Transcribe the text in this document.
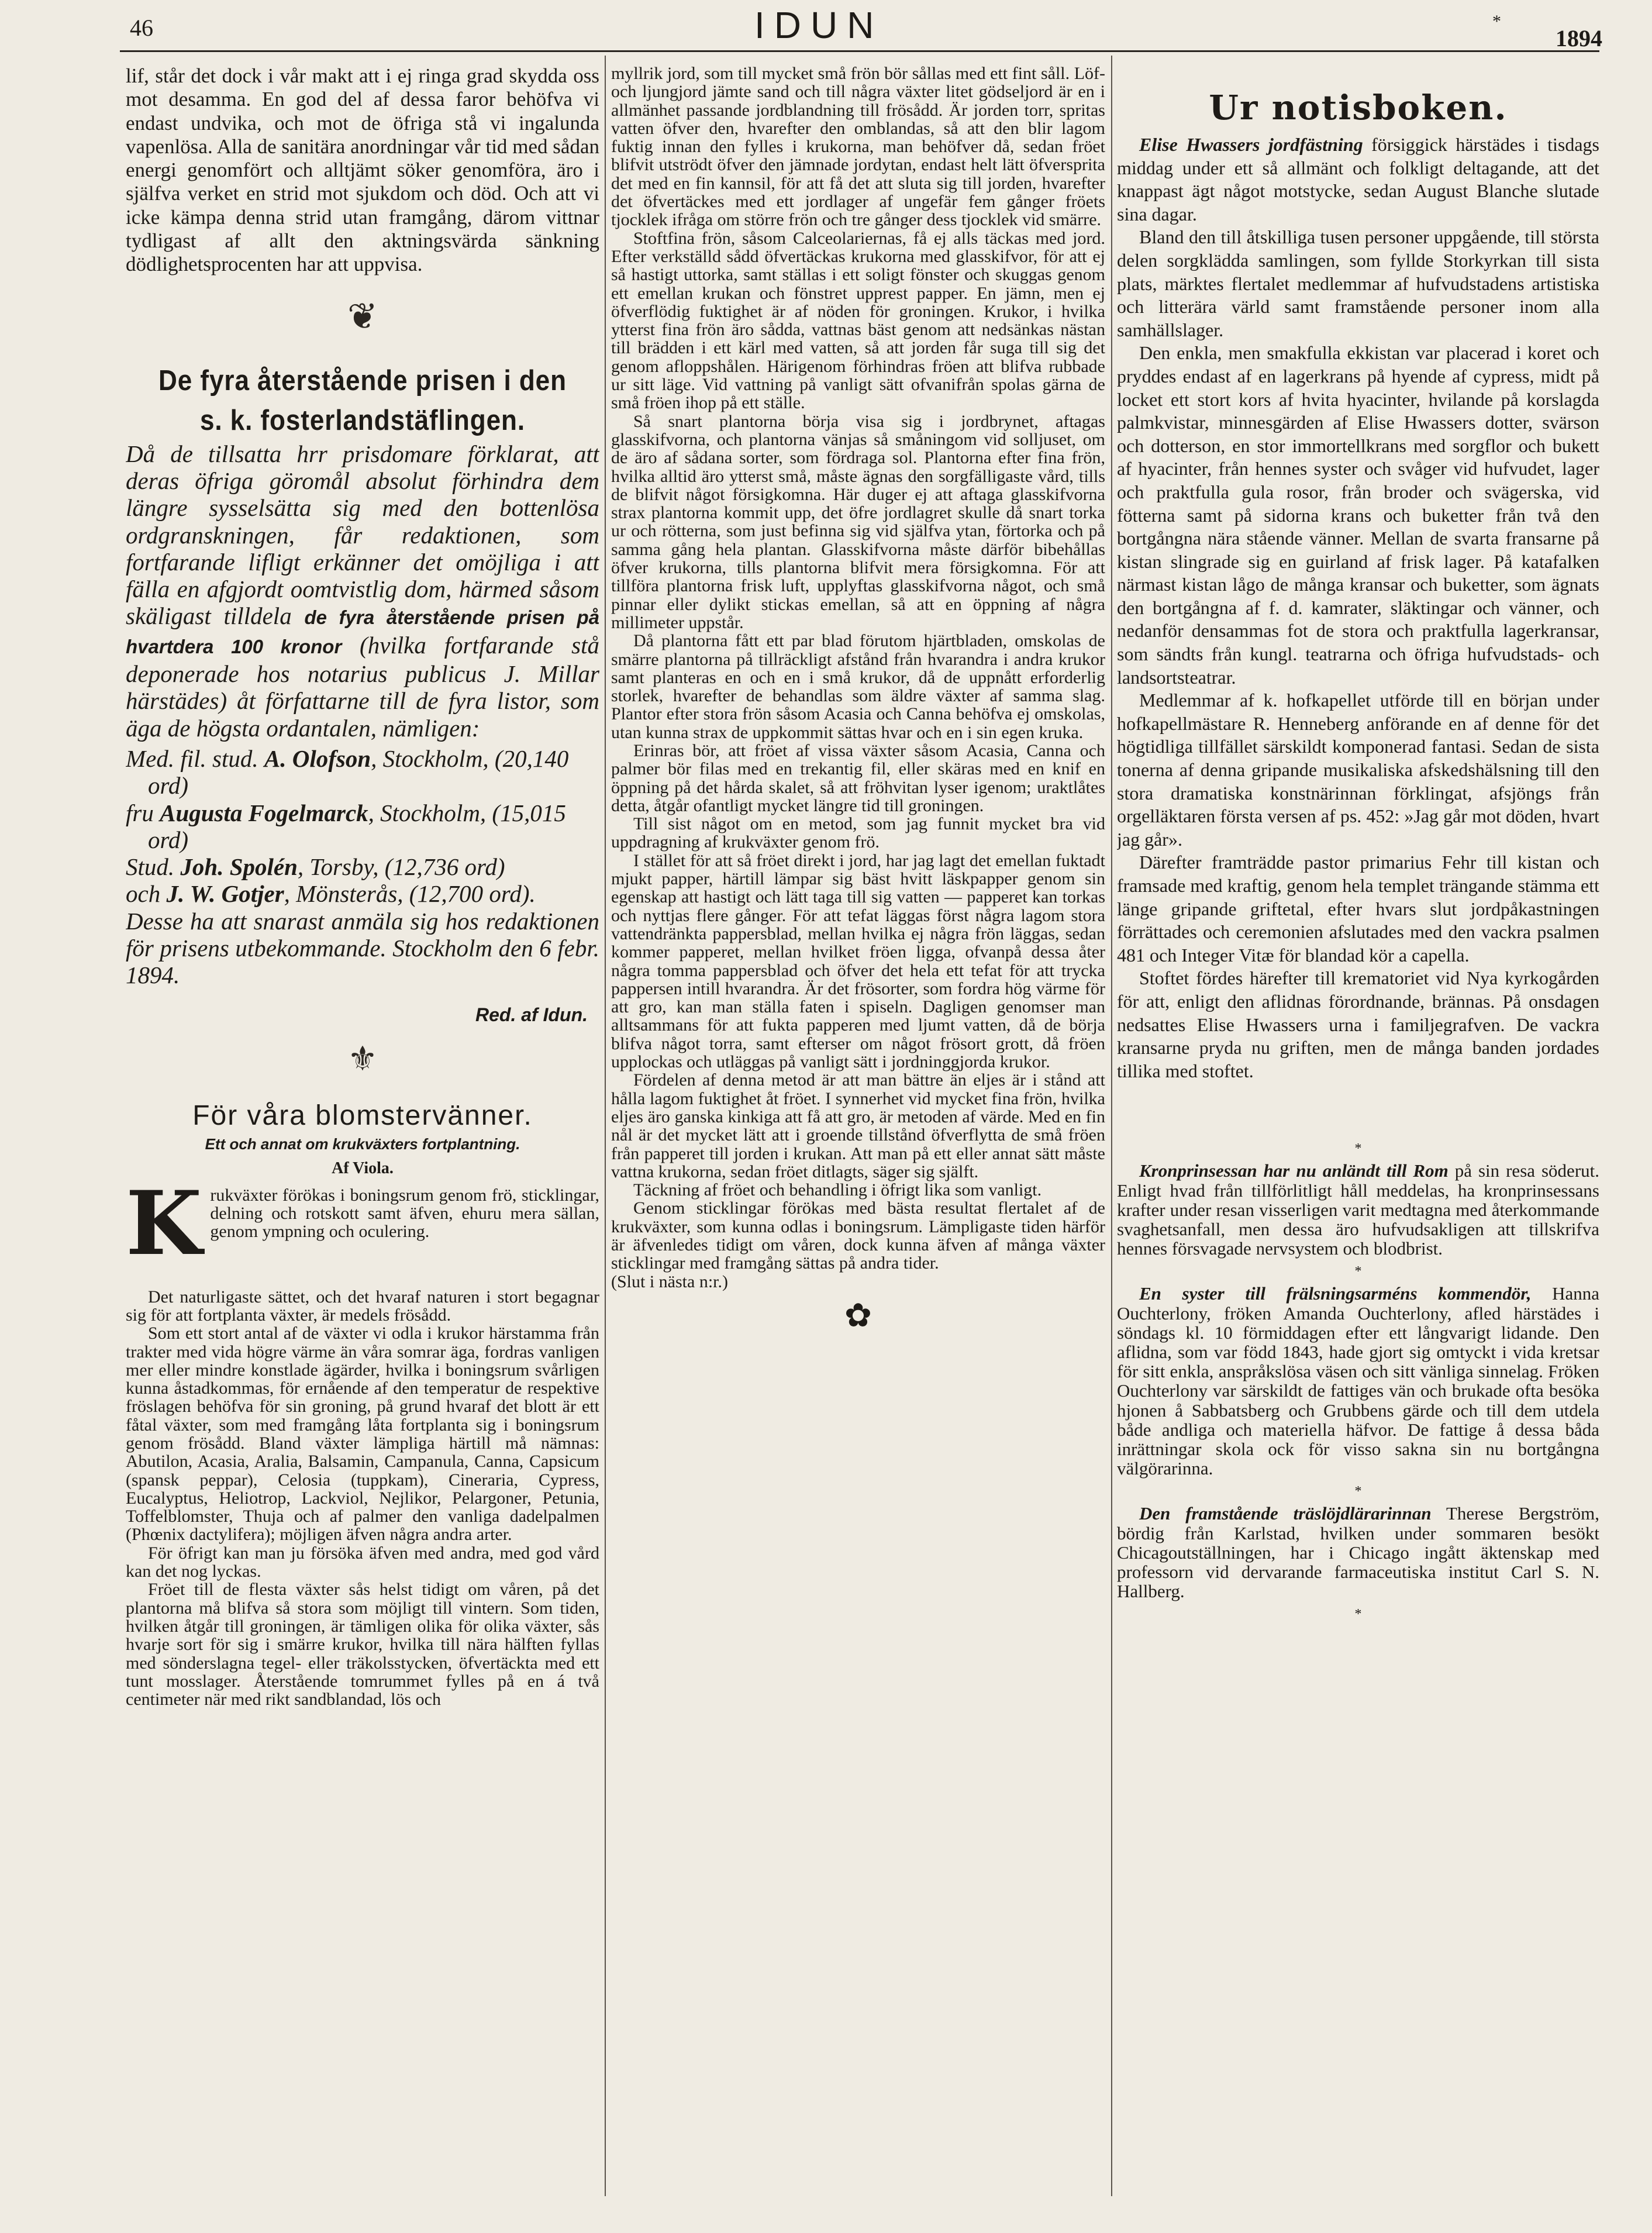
46	IDUN	*
1894

lif, står det dock i vår makt att i ej ringa grad skydda oss mot desamma. En god del af dessa faror behöfva vi endast undvika, och mot de öfriga stå vi ingalunda vapenlösa. Alla de sanitära anordningar vår tid med sådan energi genomfört och alltjämt söker genomföra, äro i själfva verket en strid mot sjukdom och död. Och att vi icke kämpa denna strid utan framgång, därom vittnar tydligast af allt den aktningsvärda sänkning dödlighetsprocenten har att uppvisa.

❦
De fyra återstående prisen i den
s. k. fosterlandstäflingen.

Då de tillsatta hrr prisdomare förklarat, att deras öfriga göromål absolut förhindra dem längre sysselsätta sig med den bottenlösa ordgranskningen, får redaktionen, som fortfarande lifligt erkänner det omöjliga i att fälla en afgjordt oomtvistlig dom, härmed såsom skäligast tilldela de fyra återstående prisen på hvartdera 100 kronor (hvilka fortfarande stå deponerade hos notarius publicus J. Millar härstädes) åt författarne till de fyra listor, som äga de högsta ordantalen, nämligen:

Med. fil. stud. A. Olofson, Stockholm, (20,140 ord)
fru Augusta Fogelmarck, Stockholm, (15,015 ord)
Stud. Joh. Spolén, Torsby, (12,736 ord)
och J. W. Gotjer, Mönsterås, (12,700 ord).

Desse ha att snarast anmäla sig hos redaktionen för prisens utbekommande. Stockholm den 6 febr. 1894.

Red. af Idun.
⚜
För våra blomstervänner.
Ett och annat om krukväxters fortplantning.
Af Viola.

Krukväxter förökas i boningsrum genom frö, sticklingar, delning och rotskott samt äfven, ehuru mera sällan, genom ympning och oculering.

Det naturligaste sättet, och det hvaraf naturen i stort begagnar sig för att fortplanta växter, är medels frösådd.

Som ett stort antal af de växter vi odla i krukor härstamma från trakter med vida högre värme än våra somrar äga, fordras vanligen mer eller mindre konstlade ägärder, hvilka i boningsrum svårligen kunna åstadkommas, för ernående af den temperatur de respektive fröslagen behöfva för sin groning, på grund hvaraf det blott är ett fåtal växter, som med framgång låta fortplanta sig i boningsrum genom frösådd. Bland växter lämpliga härtill må nämnas: Abutilon, Acasia, Aralia, Balsamin, Campanula, Canna, Capsicum (spansk peppar), Celosia (tuppkam), Cineraria, Cypress, Eucalyptus, Heliotrop, Lackviol, Nejlikor, Pelargoner, Petunia, Toffelblomster, Thuja och af palmer den vanliga dadelpalmen (Phœnix dactylifera); möjligen äfven några andra arter.

För öfrigt kan man ju försöka äfven med andra, med god vård kan det nog lyckas.

Fröet till de flesta växter sås helst tidigt om våren, på det plantorna må blifva så stora som möjligt till vintern. Som tiden, hvilken åtgår till groningen, är tämligen olika för olika växter, sås hvarje sort för sig i smärre krukor, hvilka till nära hälften fyllas med sönderslagna tegel- eller träkolsstycken, öfvertäckta med ett tunt mosslager. Återstående tomrummet fylles på en á två centimeter när med rikt sandblandad, lös och

myllrik jord, som till mycket små frön bör sållas med ett fint såll. Löf- och ljungjord jämte sand och till några växter litet gödseljord är en i allmänhet passande jordblandning till frösådd. Är jorden torr, spritas vatten öfver den, hvarefter den omblandas, så att den blir lagom fuktig innan den fylles i krukorna, man behöfver då, sedan fröet blifvit utströdt öfver den jämnade jordytan, endast helt lätt öfversprita det med en fin kannsil, för att få det att sluta sig till jorden, hvarefter det öfvertäckes med ett jordlager af ungefär fem gånger fröets tjocklek ifråga om större frön och tre gånger dess tjocklek vid smärre.

Stoftfina frön, såsom Calceolariernas, få ej alls täckas med jord. Efter verkställd sådd öfvertäckas krukorna med glasskifvor, för att ej så hastigt uttorka, samt ställas i ett soligt fönster och skuggas genom ett emellan krukan och fönstret upprest papper. En jämn, men ej öfverflödig fuktighet är af nöden för groningen. Krukor, i hvilka ytterst fina frön äro sådda, vattnas bäst genom att nedsänkas nästan till brädden i ett kärl med vatten, så att jorden får suga till sig det genom afloppshålen. Härigenom förhindras fröen att blifva rubbade ur sitt läge. Vid vattning på vanligt sätt ofvanifrån spolas gärna de små fröen ihop på ett ställe.

Så snart plantorna börja visa sig i jordbrynet, aftagas glasskifvorna, och plantorna vänjas så småningom vid solljuset, om de äro af sådana sorter, som fördraga sol. Plantorna efter fina frön, hvilka alltid äro ytterst små, måste ägnas den sorgfälligaste vård, tills de blifvit något försigkomna. Här duger ej att aftaga glasskifvorna strax plantorna kommit upp, det öfre jordlagret skulle då snart torka ur och rötterna, som just befinna sig vid själfva ytan, förtorka och på samma gång hela plantan. Glasskifvorna måste därför bibehållas öfver krukorna, tills plantorna blifvit mera försigkomna. För att tillföra plantorna frisk luft, upplyftas glasskifvorna något, och små pinnar eller dylikt stickas emellan, så att en öppning af några millimeter uppstår.

Då plantorna fått ett par blad förutom hjärtbladen, omskolas de smärre plantorna på tillräckligt afstånd från hvarandra i andra krukor samt planteras en och en i små krukor, då de uppnått erforderlig storlek, hvarefter de behandlas som äldre växter af samma slag. Plantor efter stora frön såsom Acasia och Canna behöfva ej omskolas, utan kunna strax de uppkommit sättas hvar och en i sin egen kruka.

Erinras bör, att fröet af vissa växter såsom Acasia, Canna och palmer bör filas med en trekantig fil, eller skäras med en knif en öppning på det hårda skalet, så att fröhvitan lyser igenom; uraktlåtes detta, åtgår ofantligt mycket längre tid till groningen.

Till sist något om en metod, som jag funnit mycket bra vid uppdragning af krukväxter genom frö.

I stället för att så fröet direkt i jord, har jag lagt det emellan fuktadt mjukt papper, härtill lämpar sig bäst hvitt läskpapper genom sin egenskap att hastigt och lätt taga till sig vatten — papperet kan torkas och nyttjas flere gånger. För att tefat läggas först några lagom stora vattendränkta pappersblad, mellan hvilka ej några frön läggas, sedan kommer papperet, mellan hvilket fröen ligga, ofvanpå dessa åter några tomma pappersblad och öfver det hela ett tefat för att trycka pappersen intill hvarandra. Är det frösorter, som fordra hög värme för att gro, kan man ställa faten i spiseln. Dagligen genomser man alltsammans för att fukta papperen med ljumt vatten, då de börja blifva något torra, samt efterser om något frösort grott, då fröen upplockas och utläggas på vanligt sätt i jordninggjorda krukor.

Fördelen af denna metod är att man bättre än eljes är i stånd att hålla lagom fuktighet åt fröet. I synnerhet vid mycket fina frön, hvilka eljes äro ganska kinkiga att få att gro, är metoden af värde. Med en fin nål är det mycket lätt att i groende tillstånd öfverflytta de små fröen från papperet till jorden i krukan. Att man på ett eller annat sätt måste vattna krukorna, sedan fröet ditlagts, säger sig själft.

Täckning af fröet och behandling i öfrigt lika som vanligt.

Genom sticklingar förökas med bästa resultat flertalet af de krukväxter, som kunna odlas i boningsrum. Lämpligaste tiden härför är äfvenledes tidigt om våren, dock kunna äfven af många växter sticklingar med framgång sättas på andra tider.

(Slut i nästa n:r.)

✿
Ur notisboken.

Elise Hwassers jordfästning försiggick härstädes i tisdags middag under ett så allmänt och folkligt deltagande, att det knappast ägt något motstycke, sedan August Blanche slutade sina dagar.

Bland den till åtskilliga tusen personer uppgående, till största delen sorgklädda samlingen, som fyllde Storkyrkan till sista plats, märktes flertalet medlemmar af hufvudstadens artistiska och litterära värld samt framstående personer inom alla samhällslager.

Den enkla, men smakfulla ekkistan var placerad i koret och pryddes endast af en lagerkrans på hyende af cypress, midt på locket ett stort kors af hvita hyacinter, hvilande på korslagda palmkvistar, minnesgärden af Elise Hwassers dotter, svärson och dotterson, en stor immortellkrans med sorgflor och bukett af hyacinter, från hennes syster och svåger vid hufvudet, lager och praktfulla gula rosor, från broder och svägerska, vid fötterna samt på sidorna krans och buketter från två den bortgångna nära stående vänner. Mellan de svarta fransarne på kistan slingrade sig en guirland af frisk lager. På katafalken närmast kistan lågo de många kransar och buketter, som ägnats den bortgångna af f. d. kamrater, släktingar och vänner, och nedanför densammas fot de stora och praktfulla lagerkransar, som sändts från kungl. teatrarna och öfriga hufvudstads- och landsortsteatrar.

Medlemmar af k. hofkapellet utförde till en början under hofkapellmästare R. Henneberg anförande en af denne för det högtidliga tillfället särskildt komponerad fantasi. Sedan de sista tonerna af denna gripande musikaliska afskedshälsning till den stora dramatiska konstnärinnan förklingat, afsjöngs från orgelläktaren första versen af ps. 452: »Jag går mot döden, hvart jag går».

Därefter framträdde pastor primarius Fehr till kistan och framsade med kraftig, genom hela templet trängande stämma ett länge gripande griftetal, efter hvars slut jordpåkastningen förrättades och ceremonien afslutades med den vackra psalmen 481 och Integer Vitæ för blandad kör a capella.

Stoftet fördes härefter till krematoriet vid Nya kyrkogården för att, enligt den aflidnas förordnande, brännas. På onsdagen nedsattes Elise Hwassers urna i familjegrafven. De vackra kransarne pryda nu griften, men de många banden jordades tillika med stoftet.

*

Kronprinsessan har nu anländt till Rom på sin resa söderut. Enligt hvad från tillförlitligt håll meddelas, ha kronprinsessans krafter under resan visserligen varit medtagna med återkommande svaghetsanfall, men dessa äro hufvudsakligen att tillskrifva hennes försvagade nervsystem och blodbrist.

*

En syster till frälsningsarméns kommendör, Hanna Ouchterlony, fröken Amanda Ouchterlony, afled härstädes i söndags kl. 10 förmiddagen efter ett långvarigt lidande. Den aflidna, som var född 1843, hade gjort sig omtyckt i vida kretsar för sitt enkla, anspråkslösa väsen och sitt vänliga sinnelag. Fröken Ouchterlony var särskildt de fattiges vän och brukade ofta besöka hjonen å Sabbatsberg och Grubbens gärde och till dem utdela både andliga och materiella häfvor. De fattige å dessa båda inrättningar skola ock för visso sakna sin nu bortgångna välgörarinna.

*

Den framstående träslöjdlärarinnan Therese Bergström, bördig från Karlstad, hvilken under sommaren besökt Chicagoutställningen, har i Chicago ingått äktenskap med professorn vid dervarande farmaceutiska institut Carl S. N. Hallberg.

*
